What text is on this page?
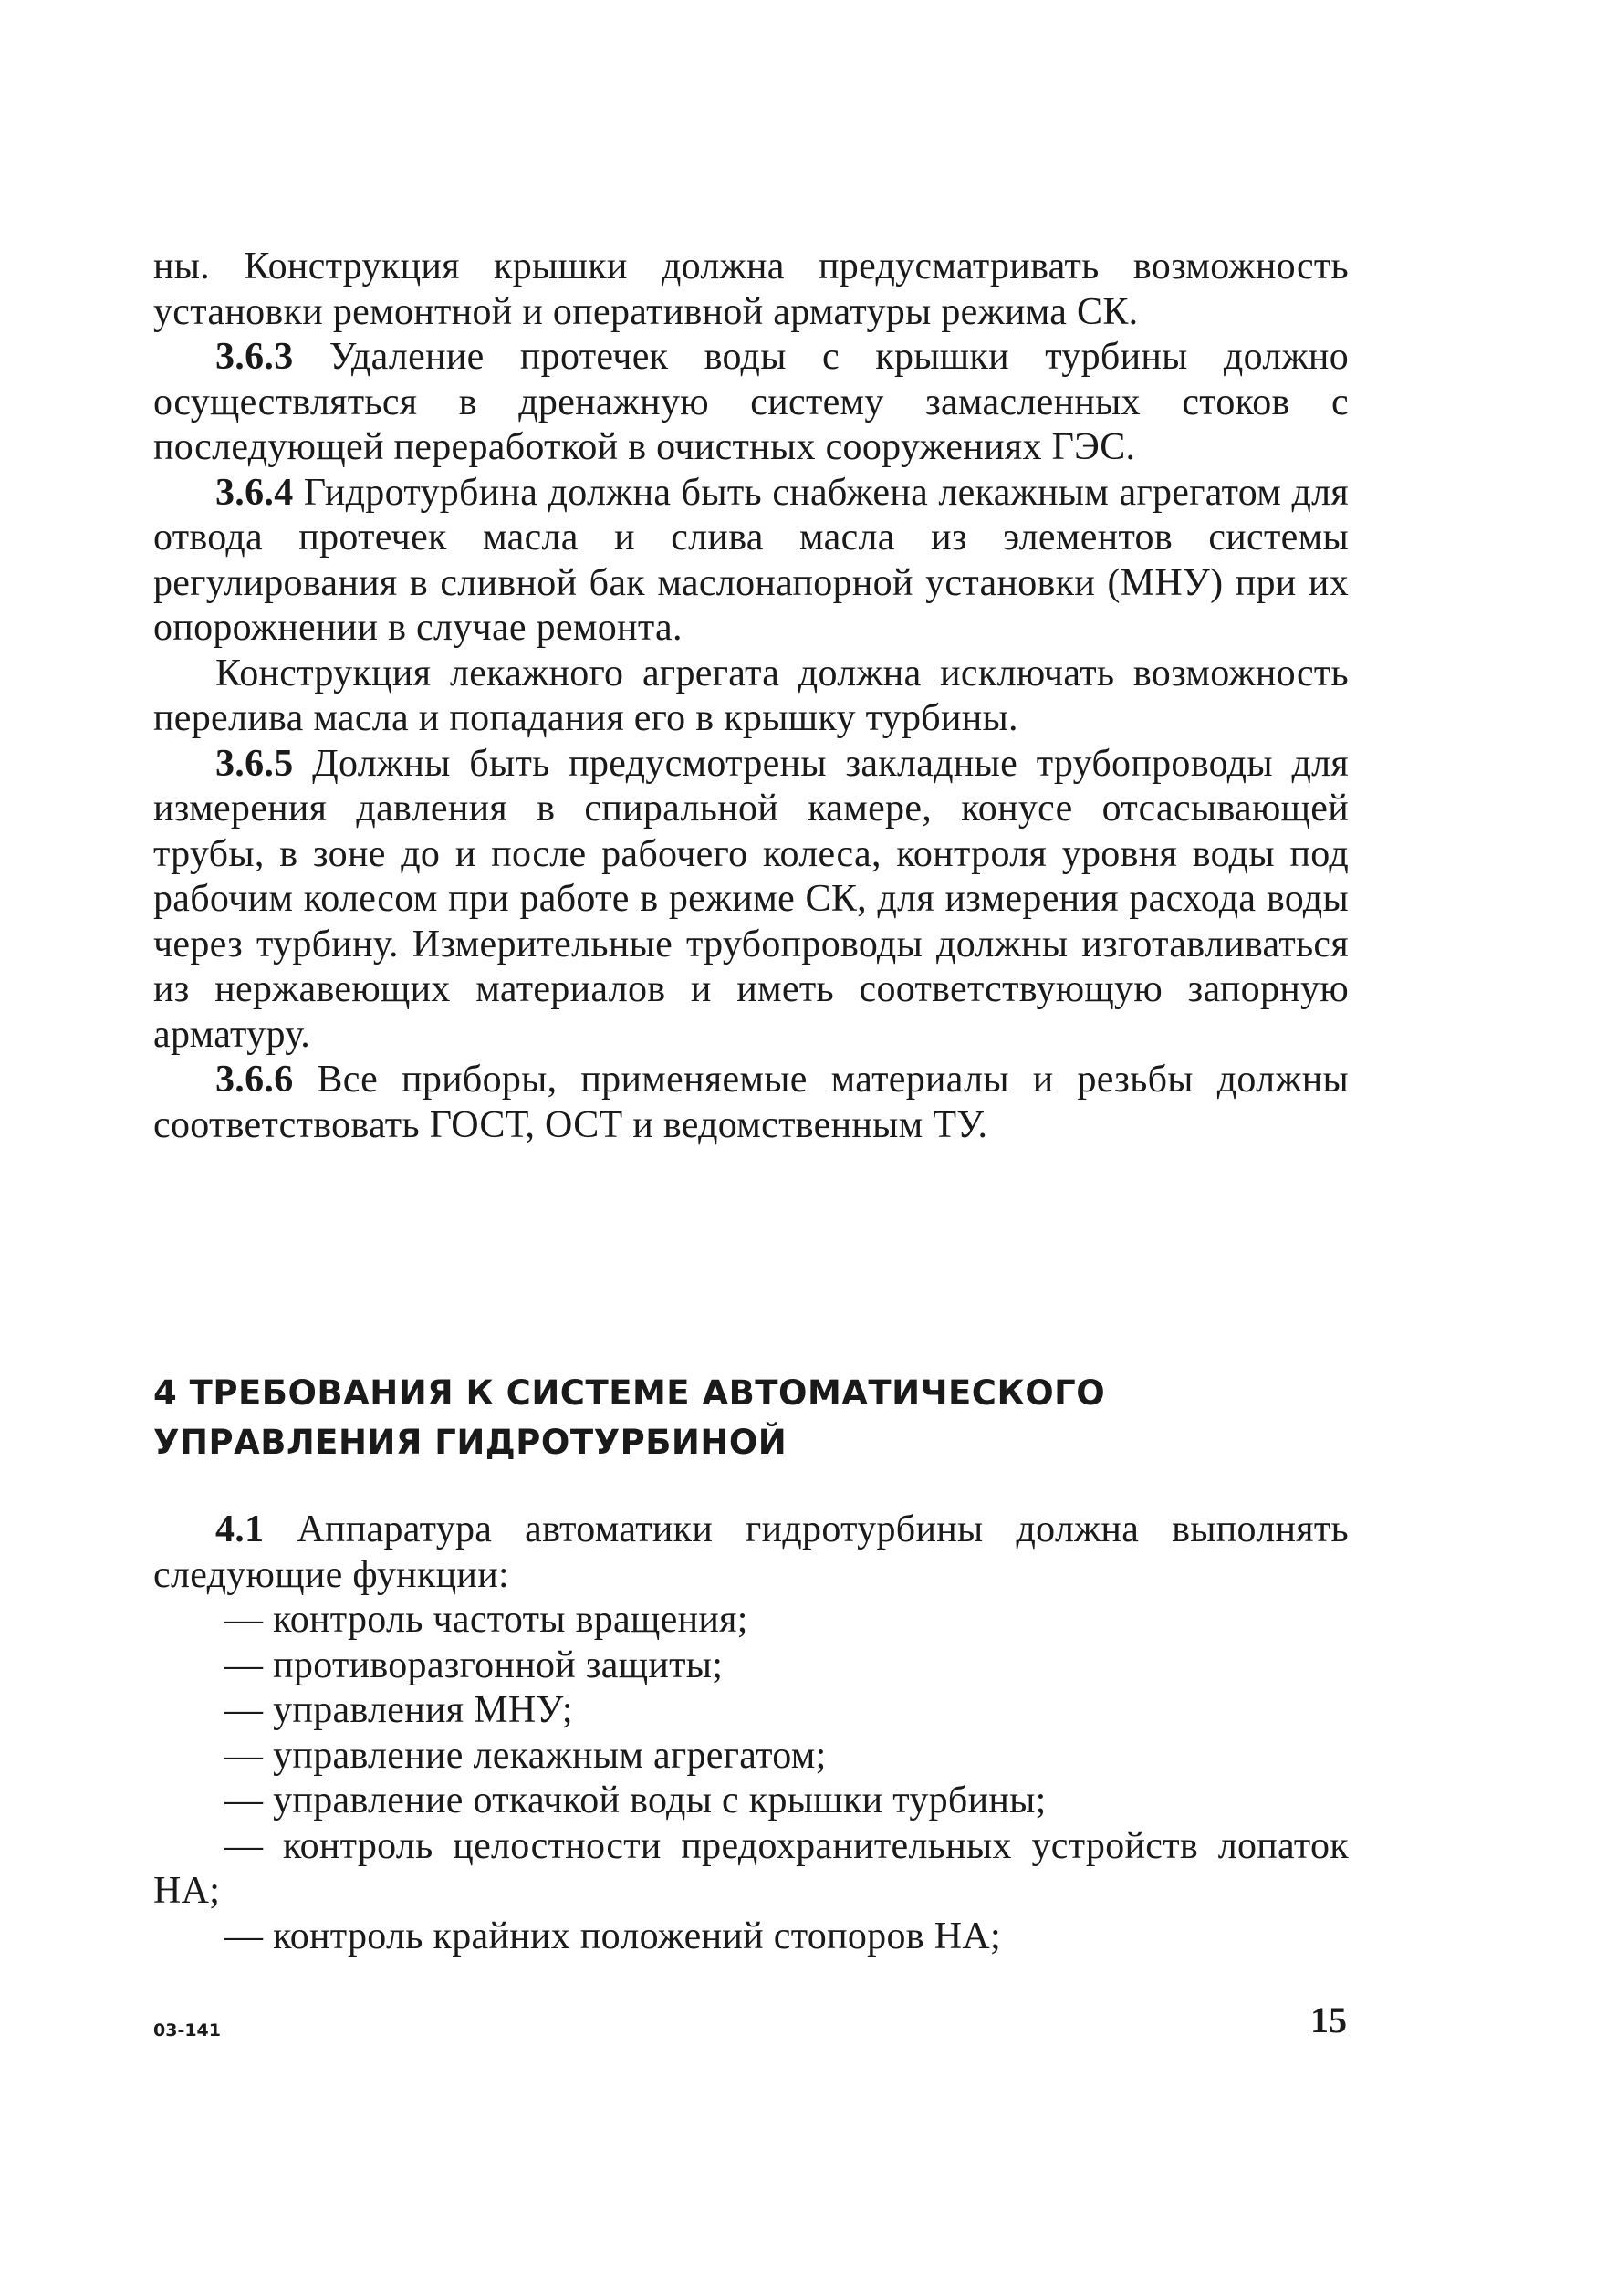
ны. Конструкция крышки должна предусматривать возможность установки ремонтной и оперативной арматуры режима СК.

3.6.3 Удаление протечек воды с крышки турбины должно осуществляться в дренажную систему замасленных стоков с последующей переработкой в очистных сооружениях ГЭС.

3.6.4 Гидротурбина должна быть снабжена лекажным агрегатом для отвода протечек масла и слива масла из элементов системы регулирования в сливной бак маслонапорной установки (МНУ) при их опорожнении в случае ремонта.

Конструкция лекажного агрегата должна исключать возможность перелива масла и попадания его в крышку турбины.

3.6.5 Должны быть предусмотрены закладные трубопроводы для измерения давления в спиральной камере, конусе отсасывающей трубы, в зоне до и после рабочего колеса, контроля уровня воды под рабочим колесом при работе в режиме СК, для измерения расхода воды через турбину. Измерительные трубопроводы должны изготавливаться из нержавеющих материалов и иметь соответствующую запорную арматуру.

3.6.6 Все приборы, применяемые материалы и резьбы должны соответствовать ГОСТ, ОСТ и ведомственным ТУ.

4 ТРЕБОВАНИЯ К СИСТЕМЕ АВТОМАТИЧЕСКОГО
УПРАВЛЕНИЯ ГИДРОТУРБИНОЙ

4.1 Аппаратура автоматики гидротурбины должна выполнять следующие функции:

— контроль частоты вращения;
— противоразгонной защиты;
— управления МНУ;
— управление лекажным агрегатом;
— управление откачкой воды с крышки турбины;
— контроль целостности предохранительных устройств лопаток НА;
— контроль крайних положений стопоров НА;
03-141	15
